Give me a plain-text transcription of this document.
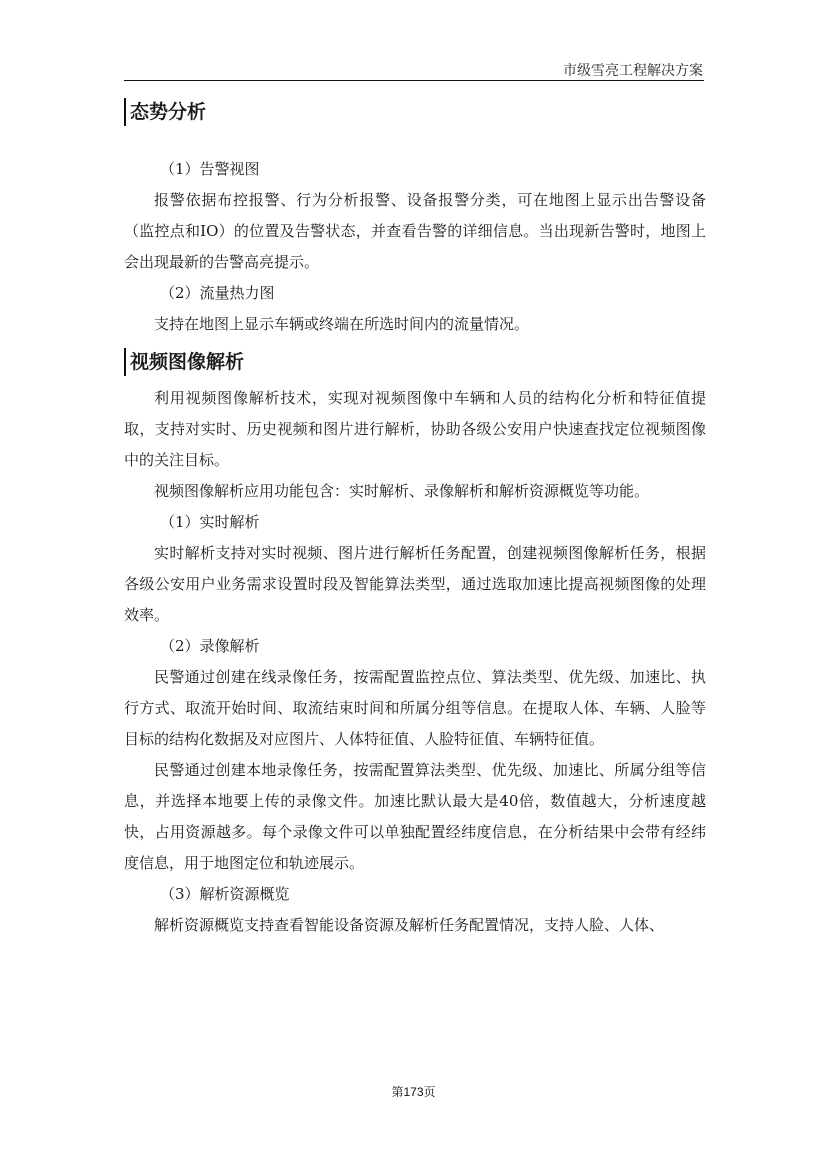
市级雪亮工程解决方案
态势分析

（1）告警视图

报警依据布控报警、行为分析报警、设备报警分类，可在地图上显示出告警设备（监控点和IO）的位置及告警状态，并查看告警的详细信息。当出现新告警时，地图上会出现最新的告警高亮提示。

（2）流量热力图

支持在地图上显示车辆或终端在所选时间内的流量情况。

视频图像解析

利用视频图像解析技术，实现对视频图像中车辆和人员的结构化分析和特征值提取，支持对实时、历史视频和图片进行解析，协助各级公安用户快速查找定位视频图像中的关注目标。

视频图像解析应用功能包含：实时解析、录像解析和解析资源概览等功能。

（1）实时解析

实时解析支持对实时视频、图片进行解析任务配置，创建视频图像解析任务，根据各级公安用户业务需求设置时段及智能算法类型，通过选取加速比提高视频图像的处理效率。

（2）录像解析

民警通过创建在线录像任务，按需配置监控点位、算法类型、优先级、加速比、执行方式、取流开始时间、取流结束时间和所属分组等信息。在提取人体、车辆、人脸等目标的结构化数据及对应图片、人体特征值、人脸特征值、车辆特征值。

民警通过创建本地录像任务，按需配置算法类型、优先级、加速比、所属分组等信息，并选择本地要上传的录像文件。加速比默认最大是40倍，数值越大，分析速度越快，占用资源越多。每个录像文件可以单独配置经纬度信息，在分析结果中会带有经纬度信息，用于地图定位和轨迹展示。

（3）解析资源概览

解析资源概览支持查看智能设备资源及解析任务配置情况，支持人脸、人体、

第173页
